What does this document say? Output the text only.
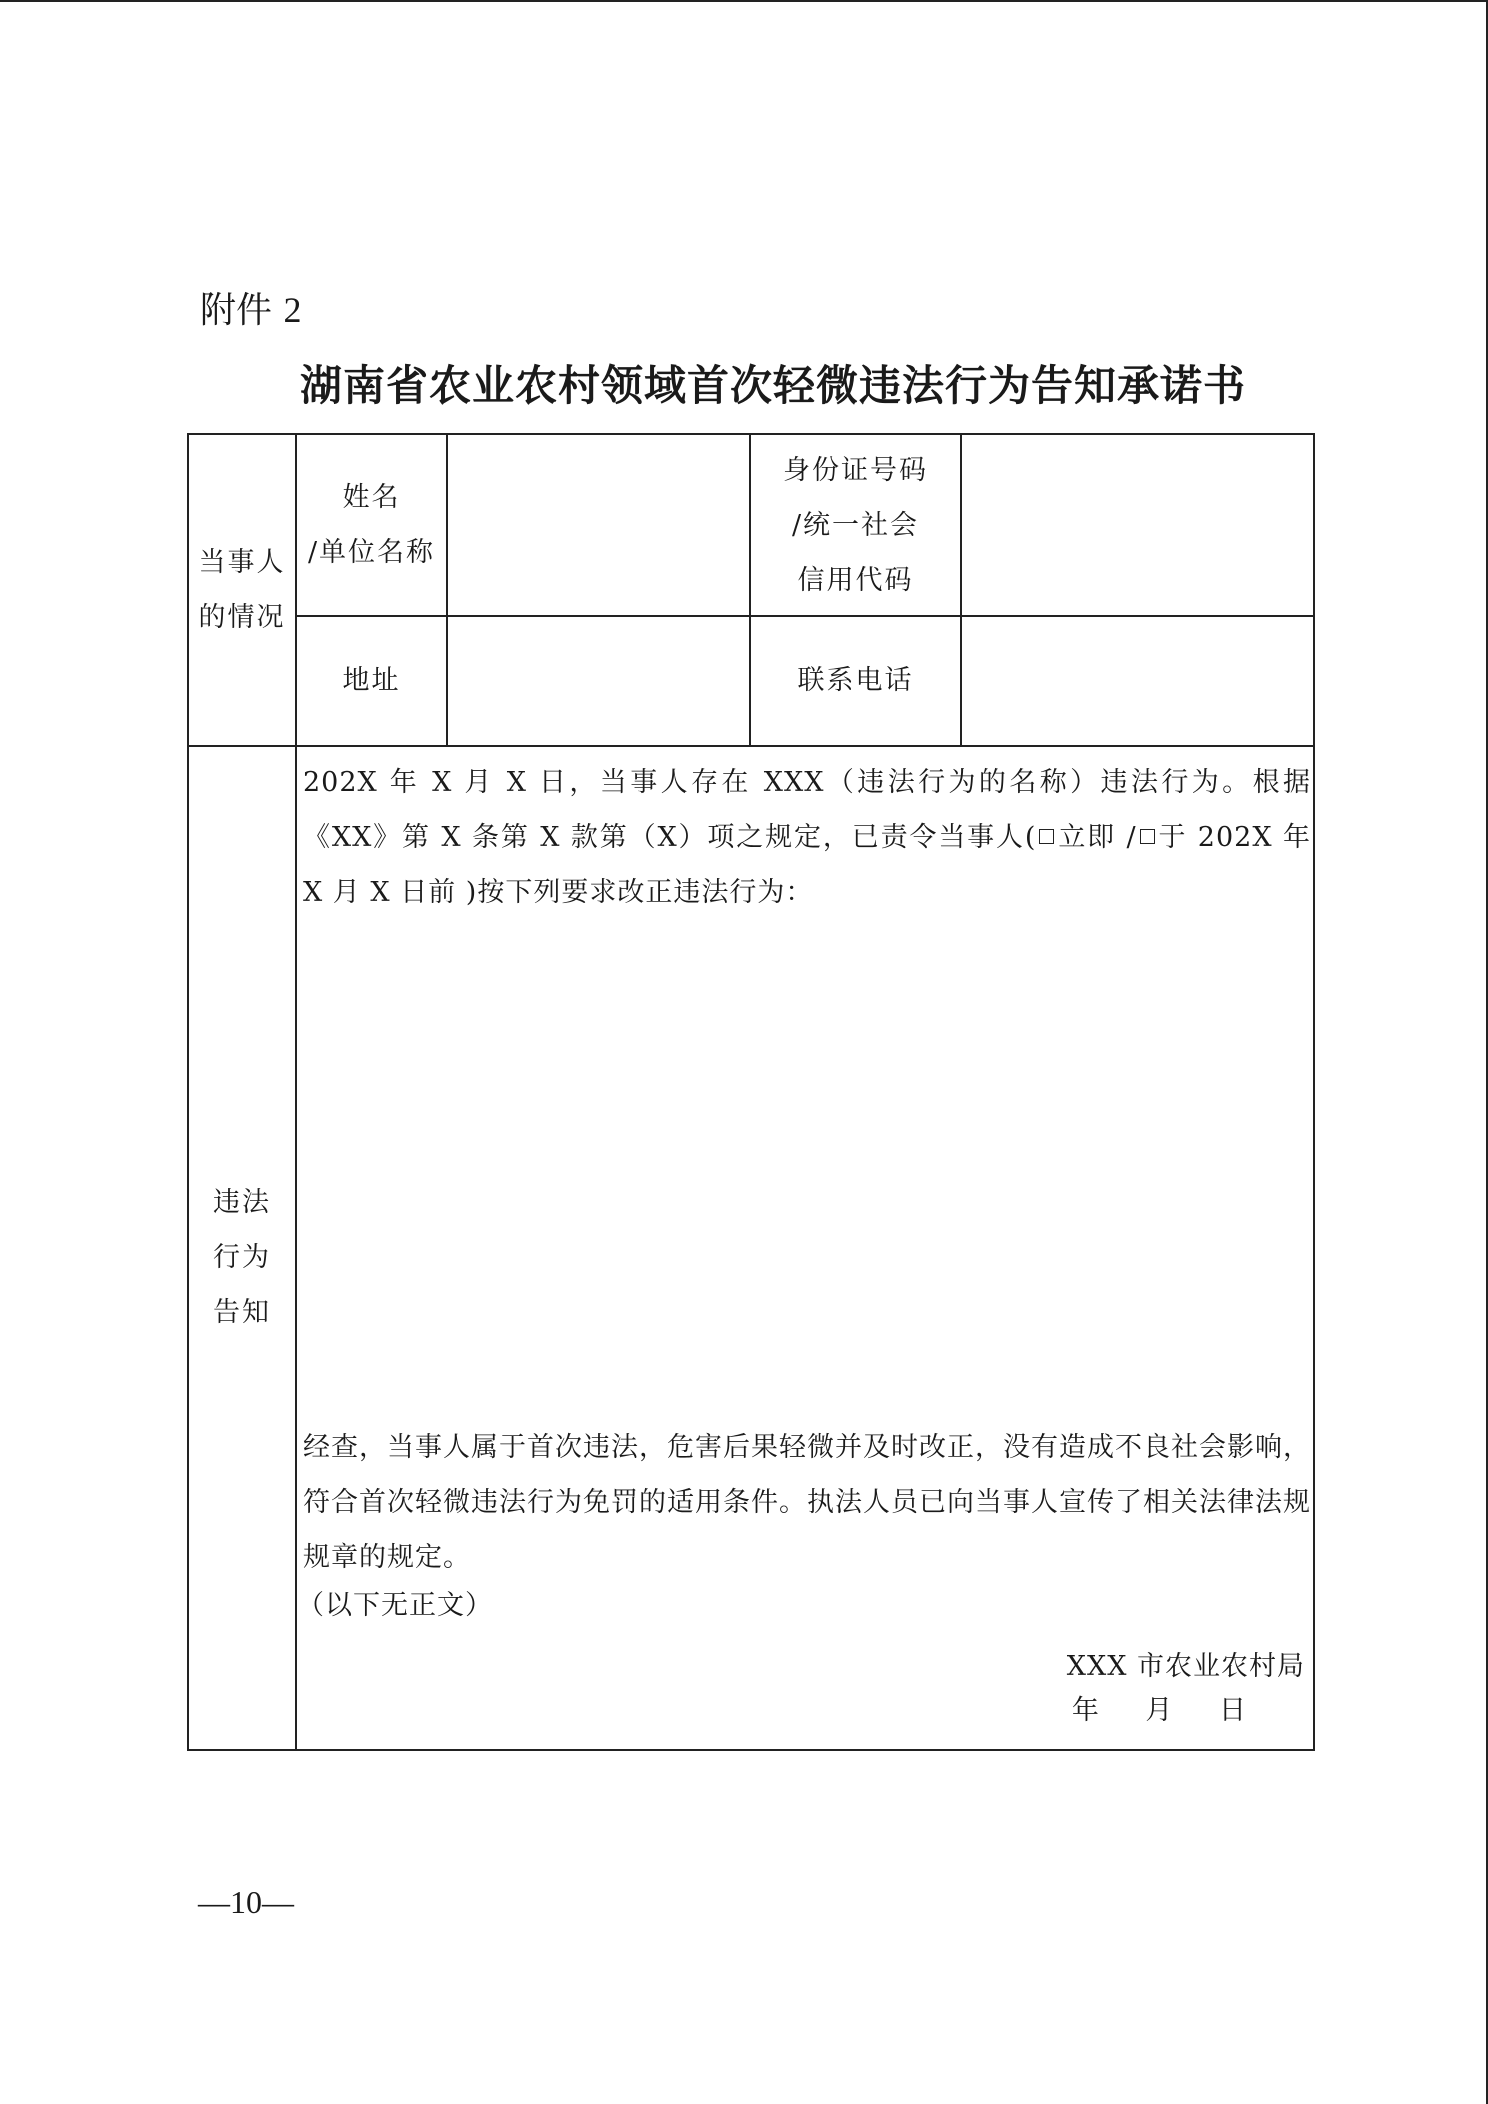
附件 2
湖南省农业农村领域首次轻微违法行为告知承诺书
当事人
的情况
姓名
/单位名称
身份证号码
/统一社会
信用代码
地址	联系电话
违法
行为
告知

202X 年 X 月 X 日，当事人存在 XXX（违法行为的名称）违法行为。根据《XX》第 X 条第 X 款第（X）项之规定，已责令当事人( 立即 / 于 202X 年 X 月 X 日前 )按下列要求改正违法行为：

经查，当事人属于首次违法，危害后果轻微并及时改正，没有造成不良社会影响，符合首次轻微违法行为免罚的适用条件。执法人员已向当事人宣传了相关法律法规规章的规定。

（以下无正文）

XXX 市农业农村局
年 月 日
—10—
